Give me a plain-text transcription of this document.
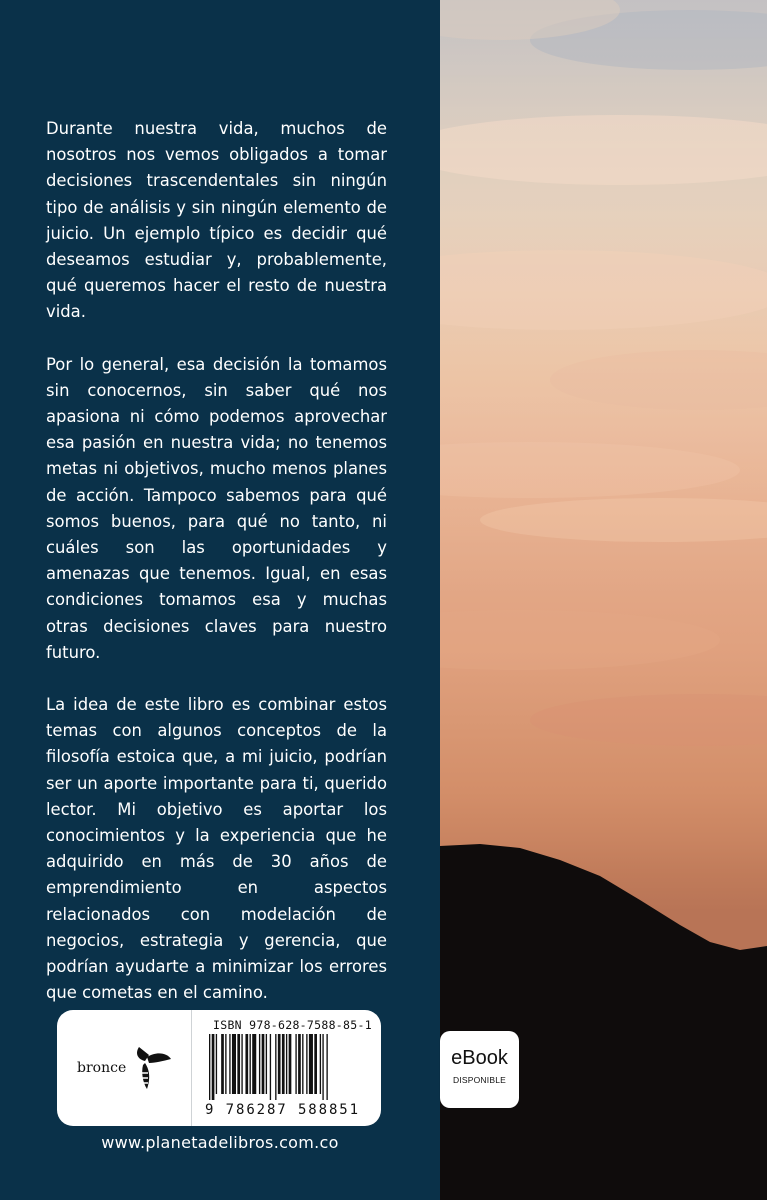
Durante nuestra vida, muchos de nosotros nos vemos obligados a tomar decisiones trascendentales sin ningún tipo de análisis y sin ningún elemento de juicio. Un ejemplo típico es decidir qué deseamos estudiar y, probablemente, qué queremos hacer el resto de nuestra vida.

Por lo general, esa decisión la tomamos sin conocernos, sin saber qué nos apasiona ni cómo podemos aprovechar esa pasión en nuestra vida; no tenemos metas ni objetivos, mucho menos planes de acción. Tampoco sabemos para qué somos buenos, para qué no tanto, ni cuáles son las oportunidades y amenazas que tenemos. Igual, en esas condiciones tomamos esa y muchas otras decisiones claves para nuestro futuro.

La idea de este libro es combinar estos temas con algunos conceptos de la filosofía estoica que, a mi juicio, podrían ser un aporte importante para ti, querido lector. Mi objetivo es aportar los conocimientos y la experiencia que he adquirido en más de 30 años de emprendimiento en aspectos relacionados con modelación de negocios, estrategia y gerencia, que podrían ayudarte a minimizar los errores que cometas en el camino.

bronce
ISBN 978-628-7588-85-1
9 786287 588851
www.planetadelibros.com.co
eBook
DISPONIBLE
